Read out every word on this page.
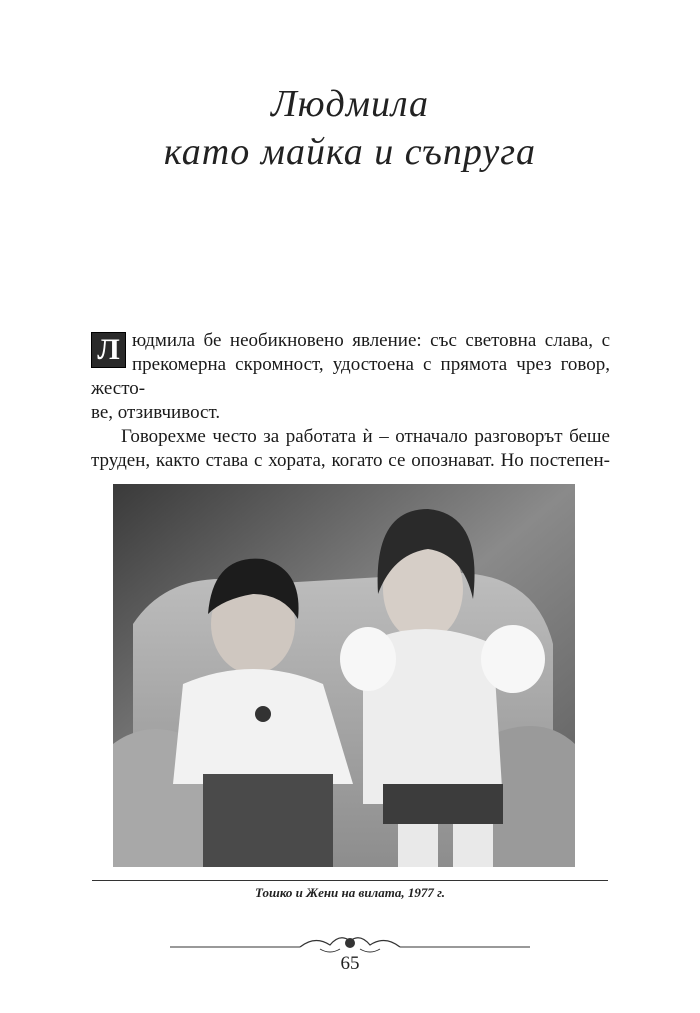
Людмила
като майка и съпруга
Л юдмила бе необикновено явление: със световна слава, с
прекомерна скромност, удостоена с прямота чрез говор, жесто-
ве, отзивчивост.
Говорехме често за работата ѝ – отначало разговорът беше
труден, както става с хората, когато се опознават. Но постепен-
Тошко и Жени на вилата, 1977 г.
65
